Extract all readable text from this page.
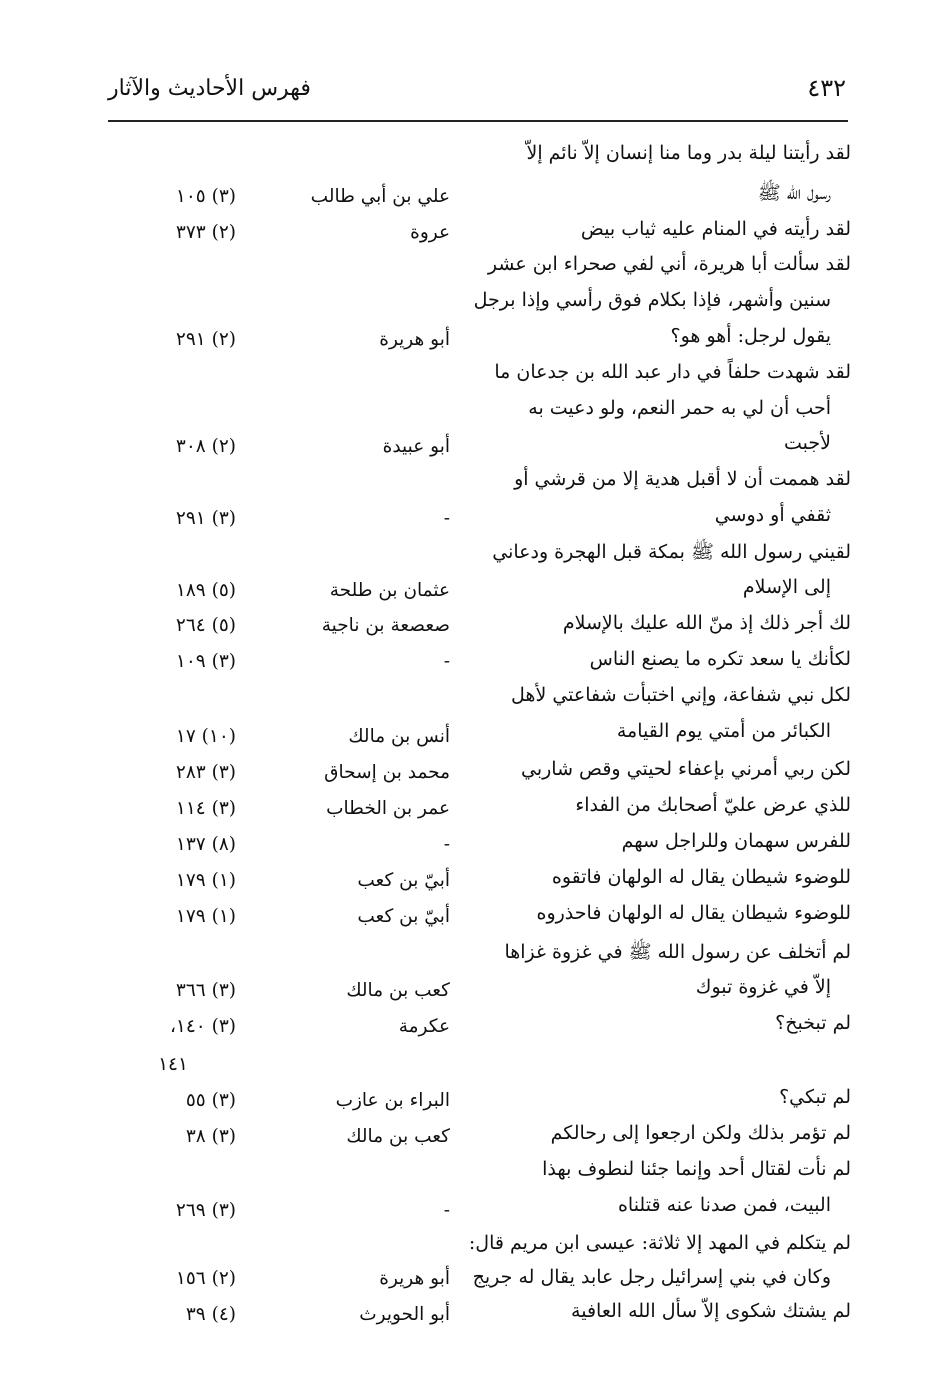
فهرس الأحاديث والآثار	٤٣٢
لقد رأيتنا ليلة بدر وما منا إنسان إلاّ نائم إلاّ
رسول الله ﷺ
علي بن أبي طالب
(٣) ١٠٥
لقد رأيته في المنام عليه ثياب بيض
عروة
(٢) ٣٧٣
لقد سألت أبا هريرة، أني لفي صحراء ابن عشر
سنين وأشهر، فإذا بكلام فوق رأسي وإذا برجل
يقول لرجل: أهو هو؟
أبو هريرة
(٢) ٢٩١
لقد شهدت حلفاً في دار عبد الله بن جدعان ما
أحب أن لي به حمر النعم، ولو دعيت به
لأجبت
أبو عبيدة
(٢) ٣٠٨
لقد هممت أن لا أقبل هدية إلا من قرشي أو
ثقفي أو دوسي
-
(٣) ٢٩١
لقيني رسول الله ﷺ بمكة قبل الهجرة ودعاني
إلى الإسلام
عثمان بن طلحة
(٥) ١٨٩
لك أجر ذلك إذ منّ الله عليك بالإسلام
صعصعة بن ناجية
(٥) ٢٦٤
لكأنك يا سعد تكره ما يصنع الناس
-
(٣) ١٠٩
لكل نبي شفاعة، وإني اختبأت شفاعتي لأهل
الكبائر من أمتي يوم القيامة
أنس بن مالك
(١٠) ١٧
لكن ربي أمرني بإعفاء لحيتي وقص شاربي
محمد بن إسحاق
(٣) ٢٨٣
للذي عرض عليّ أصحابك من الفداء
عمر بن الخطاب
(٣) ١١٤
للفرس سهمان وللراجل سهم
-
(٨) ١٣٧
للوضوء شيطان يقال له الولهان فاتقوه
أبيّ بن كعب
(١) ١٧٩
للوضوء شيطان يقال له الولهان فاحذروه
أبيّ بن كعب
(١) ١٧٩
لم أتخلف عن رسول الله ﷺ في غزوة غزاها
إلاّ في غزوة تبوك
كعب بن مالك
(٣) ٣٦٦
لم تبخبخ؟
عكرمة
(٣) ١٤٠،
١٤١
لم تبكي؟
البراء بن عازب
(٣) ٥٥
لم تؤمر بذلك ولكن ارجعوا إلى رحالكم
كعب بن مالك
(٣) ٣٨
لم نأت لقتال أحد وإنما جئنا لنطوف بهذا
البيت، فمن صدنا عنه قتلناه
-
(٣) ٢٦٩
لم يتكلم في المهد إلا ثلاثة: عيسى ابن مريم قال:
وكان في بني إسرائيل رجل عابد يقال له جريج
أبو هريرة
(٢) ١٥٦
لم يشتك شكوى إلاّ سأل الله العافية
أبو الحويرث
(٤) ٣٩
